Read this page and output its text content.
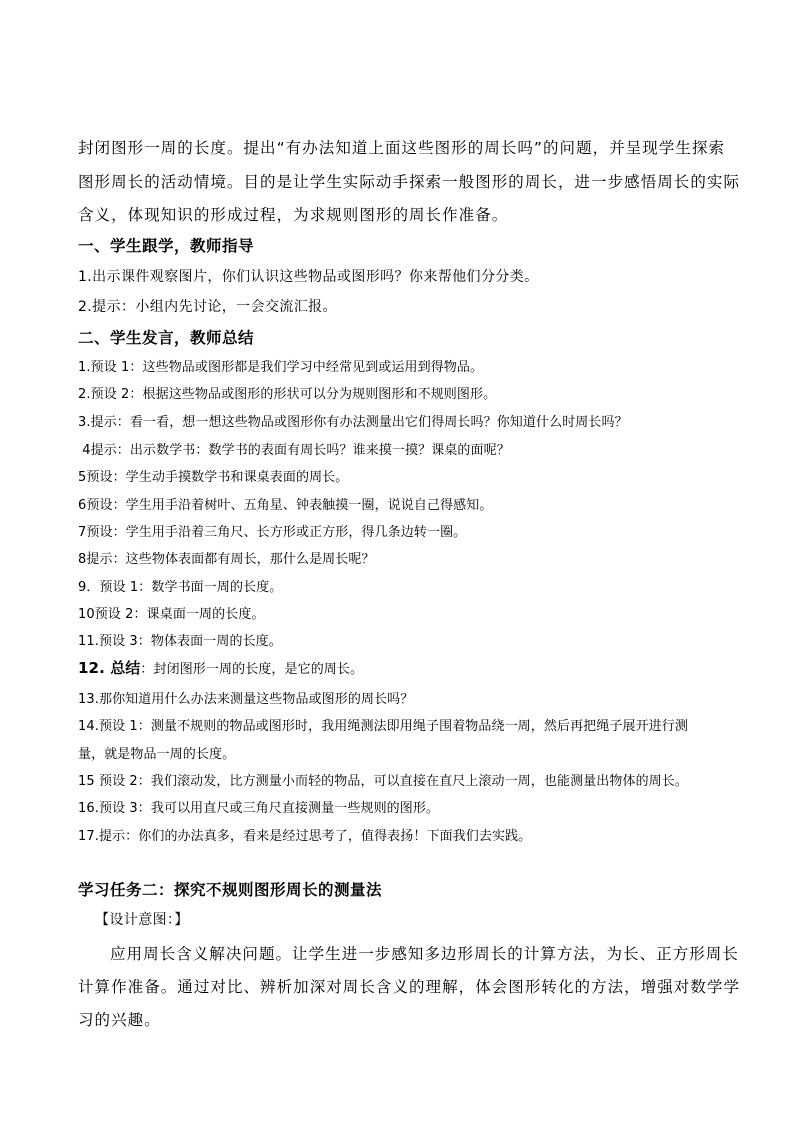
封闭图形一周的长度。提出“有办法知道上面这些图形的周长吗”的问题，并呈现学生探索
图形周长的活动情境。目的是让学生实际动手探索一般图形的周长，进一步感悟周长的实际
含义，体现知识的形成过程，为求规则图形的周长作准备。
一、学生跟学，教师指导
1.出示课件观察图片，你们认识这些物品或图形吗？你来帮他们分分类。
2.提示：小组内先讨论，一会交流汇报。
二、学生发言，教师总结
1.预设 1：这些物品或图形都是我们学习中经常见到或运用到得物品。
2.预设 2：根据这些物品或图形的形状可以分为规则图形和不规则图形。
3.提示：看一看，想一想这些物品或图形你有办法测量出它们得周长吗？你知道什么时周长吗？
4提示：出示数学书：数学书的表面有周长吗？谁来摸一摸？课桌的面呢？
5预设：学生动手摸数学书和课桌表面的周长。
6预设：学生用手沿着树叶、五角星、钟表触摸一圈，说说自己得感知。
7预设：学生用手沿着三角尺、长方形或正方形，得几条边转一圈。
8提示：这些物体表面都有周长，那什么是周长呢？
9．预设 1：数学书面一周的长度。
10预设 2：课桌面一周的长度。
11.预设 3：物体表面一周的长度。
12. 总结：封闭图形一周的长度，是它的周长。
13.那你知道用什么办法来测量这些物品或图形的周长吗？
14.预设 1：测量不规则的物品或图形时，我用绳测法即用绳子围着物品绕一周，然后再把绳子展开进行测
量，就是物品一周的长度。
15 预设 2：我们滚动发，比方测量小而轻的物品，可以直接在直尺上滚动一周，也能测量出物体的周长。
16.预设 3：我可以用直尺或三角尺直接测量一些规则的图形。
17.提示：你们的办法真多，看来是经过思考了，值得表扬！下面我们去实践。
学习任务二：探究不规则图形周长的测量法
【设计意图：】
应用周长含义解决问题。让学生进一步感知多边形周长的计算方法，为长、正方形周长
计算作准备。通过对比、辨析加深对周长含义的理解，体会图形转化的方法，增强对数学学
习的兴趣。
